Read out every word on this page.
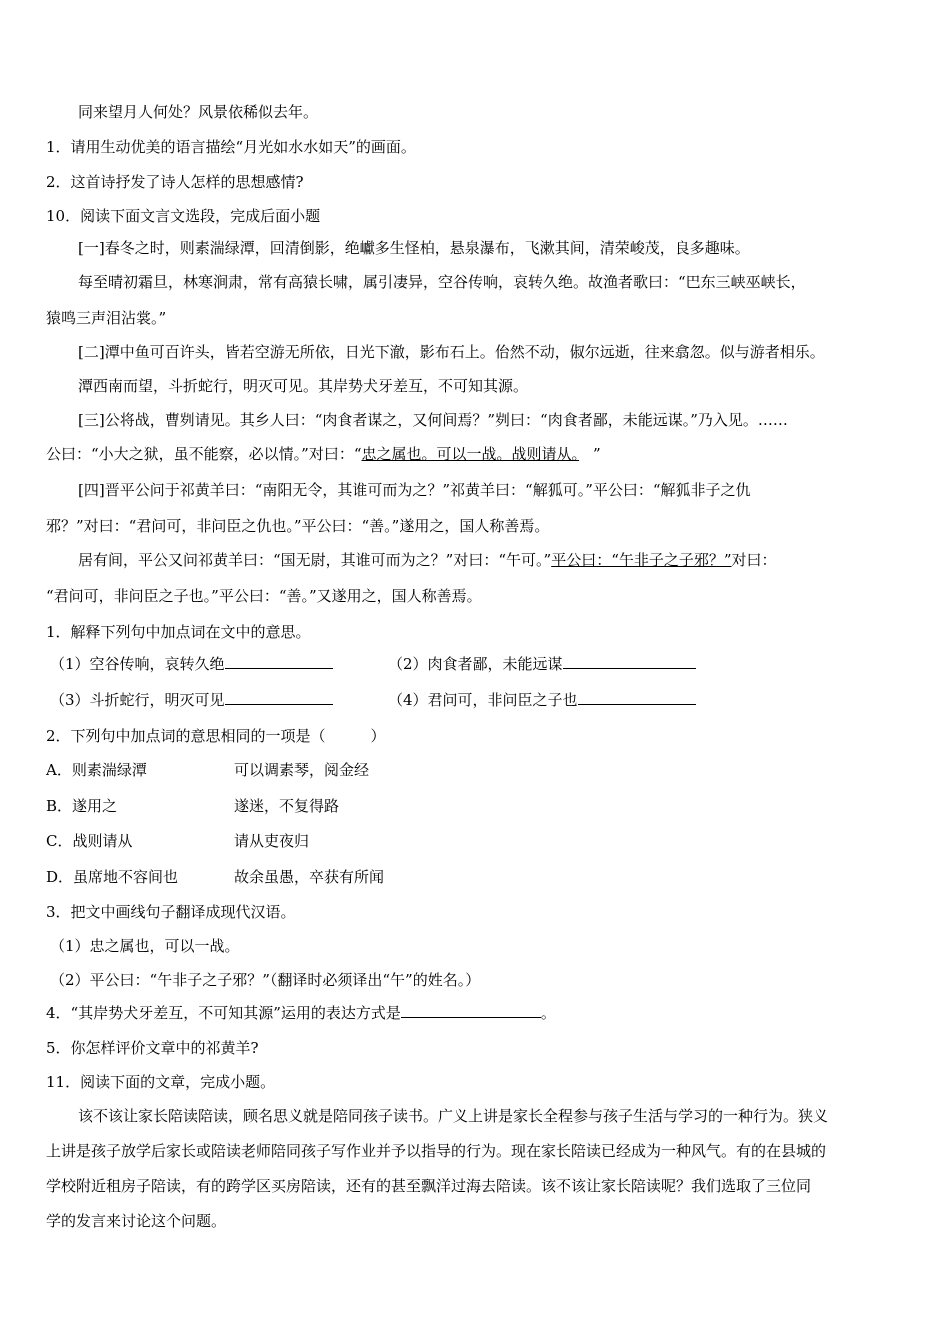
同来望月人何处？风景依稀似去年。
1．请用生动优美的语言描绘“月光如水水如天”的画面。
2．这首诗抒发了诗人怎样的思想感情?
10．阅读下面文言文选段，完成后面小题
[一]春冬之时，则素湍绿潭，回清倒影，绝巘多生怪柏，悬泉瀑布，飞漱其间，清荣峻茂，良多趣味。
每至晴初霜旦，林寒涧肃，常有高猿长啸，属引凄异，空谷传响，哀转久绝。故渔者歌曰：“巴东三峡巫峡长，
猿鸣三声泪沾裳。”
[二]潭中鱼可百许头，皆若空游无所依，日光下澈，影布石上。佁然不动，俶尔远逝，往来翕忽。似与游者相乐。
潭西南而望，斗折蛇行，明灭可见。其岸势犬牙差互，不可知其源。
[三]公将战，曹刿请见。其乡人曰：“肉食者谋之，又何间焉？”刿曰：“肉食者鄙，未能远谋。”乃入见。……
公曰：“小大之狱，虽不能察，必以情。”对曰：“忠之属也。可以一战。战则请从。 ”
[四]晋平公问于祁黄羊曰：“南阳无令，其谁可而为之？”祁黄羊曰：“解狐可。”平公曰：“解狐非子之仇
邪？”对曰：“君问可，非问臣之仇也。”平公曰：“善。”遂用之，国人称善焉。
居有间，平公又问祁黄羊曰：“国无尉，其谁可而为之？”对曰：“午可。”平公曰：“午非子之子邪？”对曰：
“君问可，非问臣之子也。”平公曰：“善。”又遂用之，国人称善焉。
1．解释下列句中加点词在文中的意思。
（1）空谷传响，哀转久绝	（2）肉食者鄙，未能远谋
（3）斗折蛇行，明灭可见	（4）君问可，非问臣之子也
2．下列句中加点词的意思相同的一项是（　　　）
A．则素湍绿潭	可以调素琴，阅金经
B．遂用之	遂迷，不复得路
C．战则请从	请从吏夜归
D．虽席地不容间也	故余虽愚，卒获有所闻
3．把文中画线句子翻译成现代汉语。
（1）忠之属也，可以一战。
（2）平公曰：“午非子之子邪？”（翻译时必须译出“午”的姓名。）
4．“其岸势犬牙差互，不可知其源”运用的表达方式是	。
5．你怎样评价文章中的祁黄羊?
11．阅读下面的文章，完成小题。
该不该让家长陪读陪读，顾名思义就是陪同孩子读书。广义上讲是家长全程参与孩子生活与学习的一种行为。狭义
上讲是孩子放学后家长或陪读老师陪同孩子写作业并予以指导的行为。现在家长陪读已经成为一种风气。有的在县城的
学校附近租房子陪读，有的跨学区买房陪读，还有的甚至飘洋过海去陪读。该不该让家长陪读呢？我们选取了三位同
学的发言来讨论这个问题。
